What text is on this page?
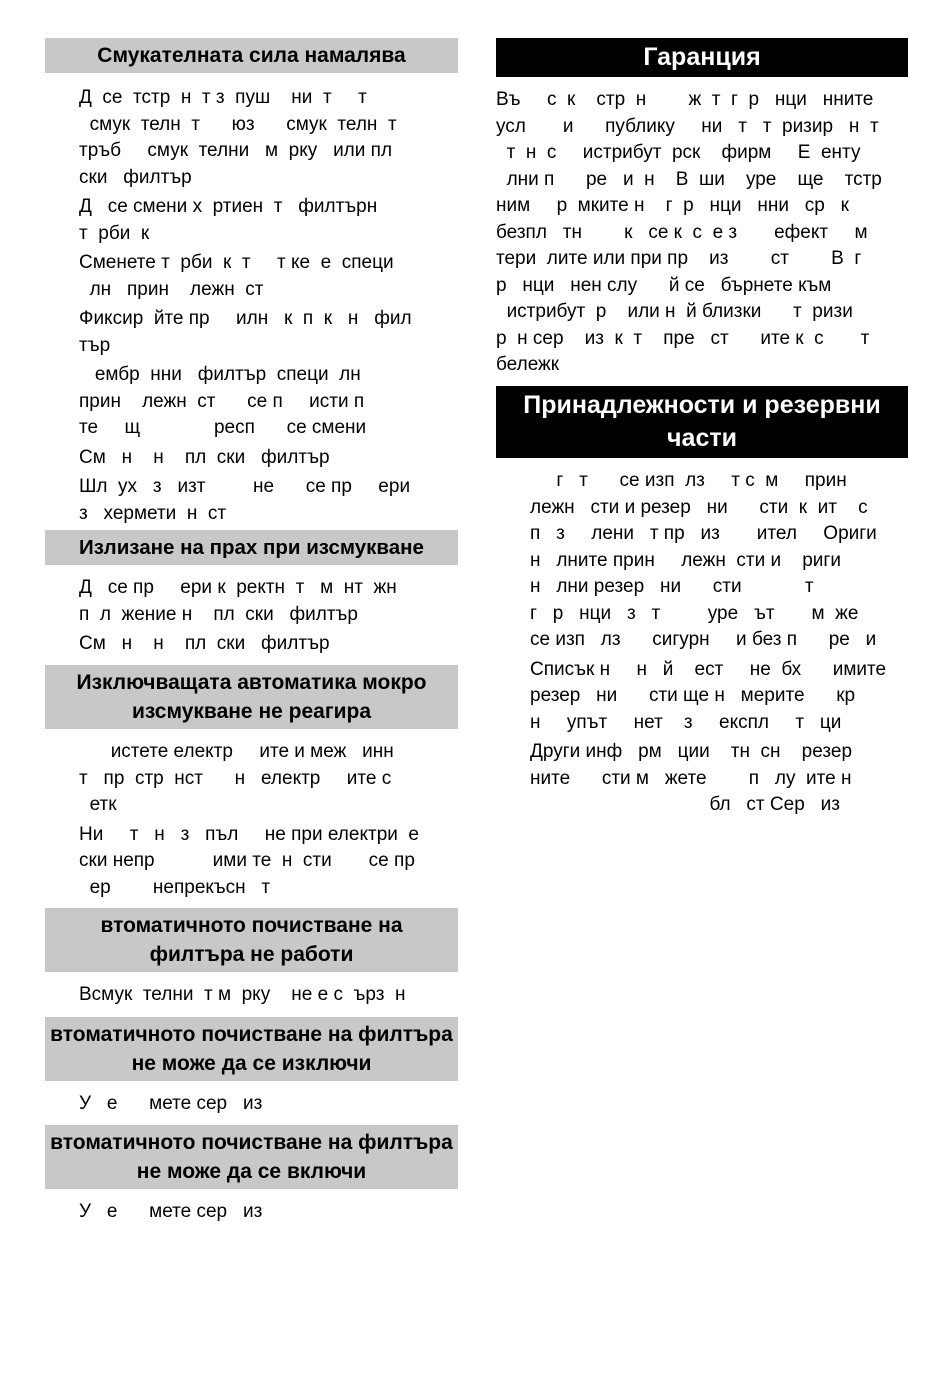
Смукателната сила намалява

Д  се  тстр  н  т з  пуш    ни  т     т
смук  телн  т      юз      смук  телн  т
тръб     смук  телни   м  рку   или пл
ски   филтър

Д   се смени х  ртиен  т   филтърн
т  рби  к

Сменете т  рби  к  т     т ке  е  специ
лн   прин    лежн  ст

Фиксир  йте пр     илн   к  п  к   н   фил
тър

ембр  нни   филтър  специ  лн
прин    лежн  ст      се п     исти п
те     щ              респ      се смени

См   н    н    пл  ски   филтър

Шл  ух   з   изт         не      се пр     ери
з   хермети  н  ст

Излизане на прах при изсмукване

Д   се пр     ери к  ректн  т   м  нт  жн
п  л  жение н    пл  ски   филтър

См   н    н    пл  ски   филтър

Изключващата автоматика мокро изсмукване не реагира

истете електр     ите и меж   инн
т   пр  стр  нст      н   електр     ите с
етк

Ни     т   н   з   пъл     не при електри  е
ски непр           ими те  н  сти       се пр
ер        непрекъсн   т

втоматичното почистване на филтъра не работи

Всмук  телни  т м  рку    не е с  ърз  н

втоматичното почистване на филтъра не може да се изключи

У   е      мете сер   из

втоматичното почистване на филтъра не може да се включи

У   е      мете сер   из

Гаранция

Въ     с  к    стр  н        ж  т  г  р   нци   нните
усл       и      публику     ни   т   т  ризир   н  т
т  н  с     истрибут  рск    фирм     Е  енту
лни п      ре   и  н    В  ши    уре    ще    тстр
ним     р  мките н    г  р   нци   нни   ср   к
безпл   тн        к   се к  с  е з       ефект     м
тери  лите или при пр    из        ст        В  г
р   нци   нен слу      й се   бърнете към
истрибут  р    или н  й близки      т  ризи
р  н сер    из  к  т    пре   ст      ите к  с       т
бележк

Принадлежности и резервни части

г   т      се изп  лз     т с  м     прин
лежн   сти и резер   ни      сти  к  ит    с
п   з     лени   т пр   из       ител     Ориги
н   лните прин     лежн  сти и    риги
н   лни резер   ни      сти            т
г   р   нци   з   т         уре   ът       м  же
се изп   лз      сигурн     и без п      ре   и

Списък н     н   й    ест     не  бх      имите
резер   ни      сти ще н   мерите      кр
н     упът     нет    з     експл     т   ци

Други инф   рм   ции    тн  сн    резер
ните      сти м   жете        п   лу  ите н
бл   ст Сер   из
